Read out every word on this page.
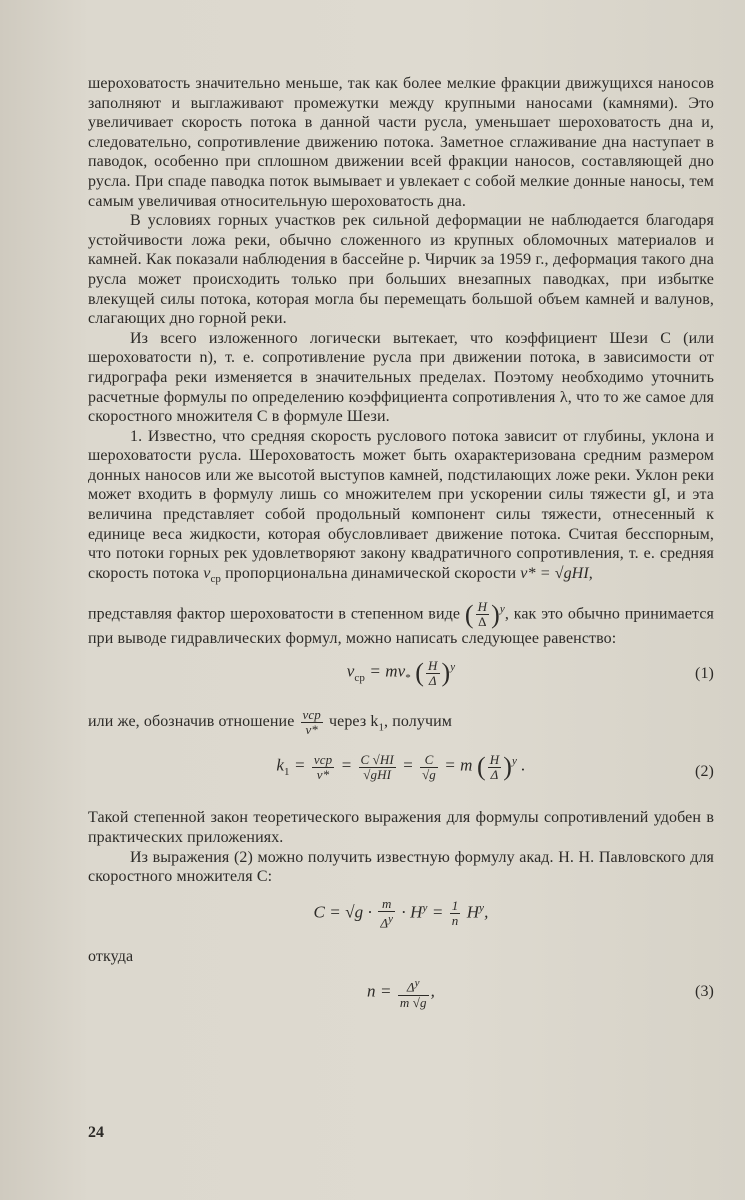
шероховатость значительно меньше, так как более мелкие фракции движущихся наносов заполняют и выглаживают промежутки между крупными наносами (камнями). Это увеличивает скорость потока в данной части русла, уменьшает шероховатость дна и, следовательно, сопротивление движению потока. Заметное сглаживание дна наступает в паводок, особенно при сплошном движении всей фракции наносов, составляющей дно русла. При спаде паводка поток вымывает и увлекает с собой мелкие донные наносы, тем самым увеличивая относительную шероховатость дна.

В условиях горных участков рек сильной деформации не наблюдается благодаря устойчивости ложа реки, обычно сложенного из крупных обломочных материалов и камней. Как показали наблюдения в бассейне р. Чирчик за 1959 г., деформация такого дна русла может происходить только при больших внезапных паводках, при избытке влекущей силы потока, которая могла бы перемещать большой объем камней и валунов, слагающих дно горной реки.

Из всего изложенного логически вытекает, что коэффициент Шези C (или шероховатости n), т. е. сопротивление русла при движении потока, в зависимости от гидрографа реки изменяется в значительных пределах. Поэтому необходимо уточнить расчетные формулы по определению коэффициента сопротивления λ, что то же самое для скоростного множителя C в формуле Шези.

1. Известно, что средняя скорость руслового потока зависит от глубины, уклона и шероховатости русла. Шероховатость может быть охарактеризована средним размером донных наносов или же высотой выступов камней, подстилающих ложе реки. Уклон реки может входить в формулу лишь со множителем при ускорении силы тяжести gI, и эта величина представляет собой продольный компонент силы тяжести, отнесенный к единице веса жидкости, которая обусловливает движение потока. Считая бесспорным, что потоки горных рек удовлетворяют закону квадратичного сопротивления, т. е. средняя скорость потока $v_{ср}$ пропорциональна динамической скорости v* = √gHI,

представляя фактор шероховатости в степенном виде ( $\frac{H}{\Delta} )^y$, как это обычно принимается при выводе гидравлических формул, можно написать следующее равенство:

$v_{ср} = mv_*$ ( $\frac{H}{\Delta} )^y$	(1)

или же, обозначив отношение $\frac{\text{vср}}{v*}$ через $k_1$, получим

$k_1 = \frac{\text{vср}}{v*} = \frac{C √HI}{\text{√gHI}} = \frac{C}{√g} = m$ ( $\frac{H}{\Delta} )^y$ .	(2)

Такой степенной закон теоретического выражения для формулы сопротивлений удобен в практических приложениях.

Из выражения (2) можно получить известную формулу акад. Н. Н. Павловского для скоростного множителя C:

$C = √g \cdot \frac{m}{\Delta^y} \cdot H^y = \frac{1}{n} H^y$,

откуда

$n = \frac{\Delta^y}{m √g}$ ,	(3)
24
